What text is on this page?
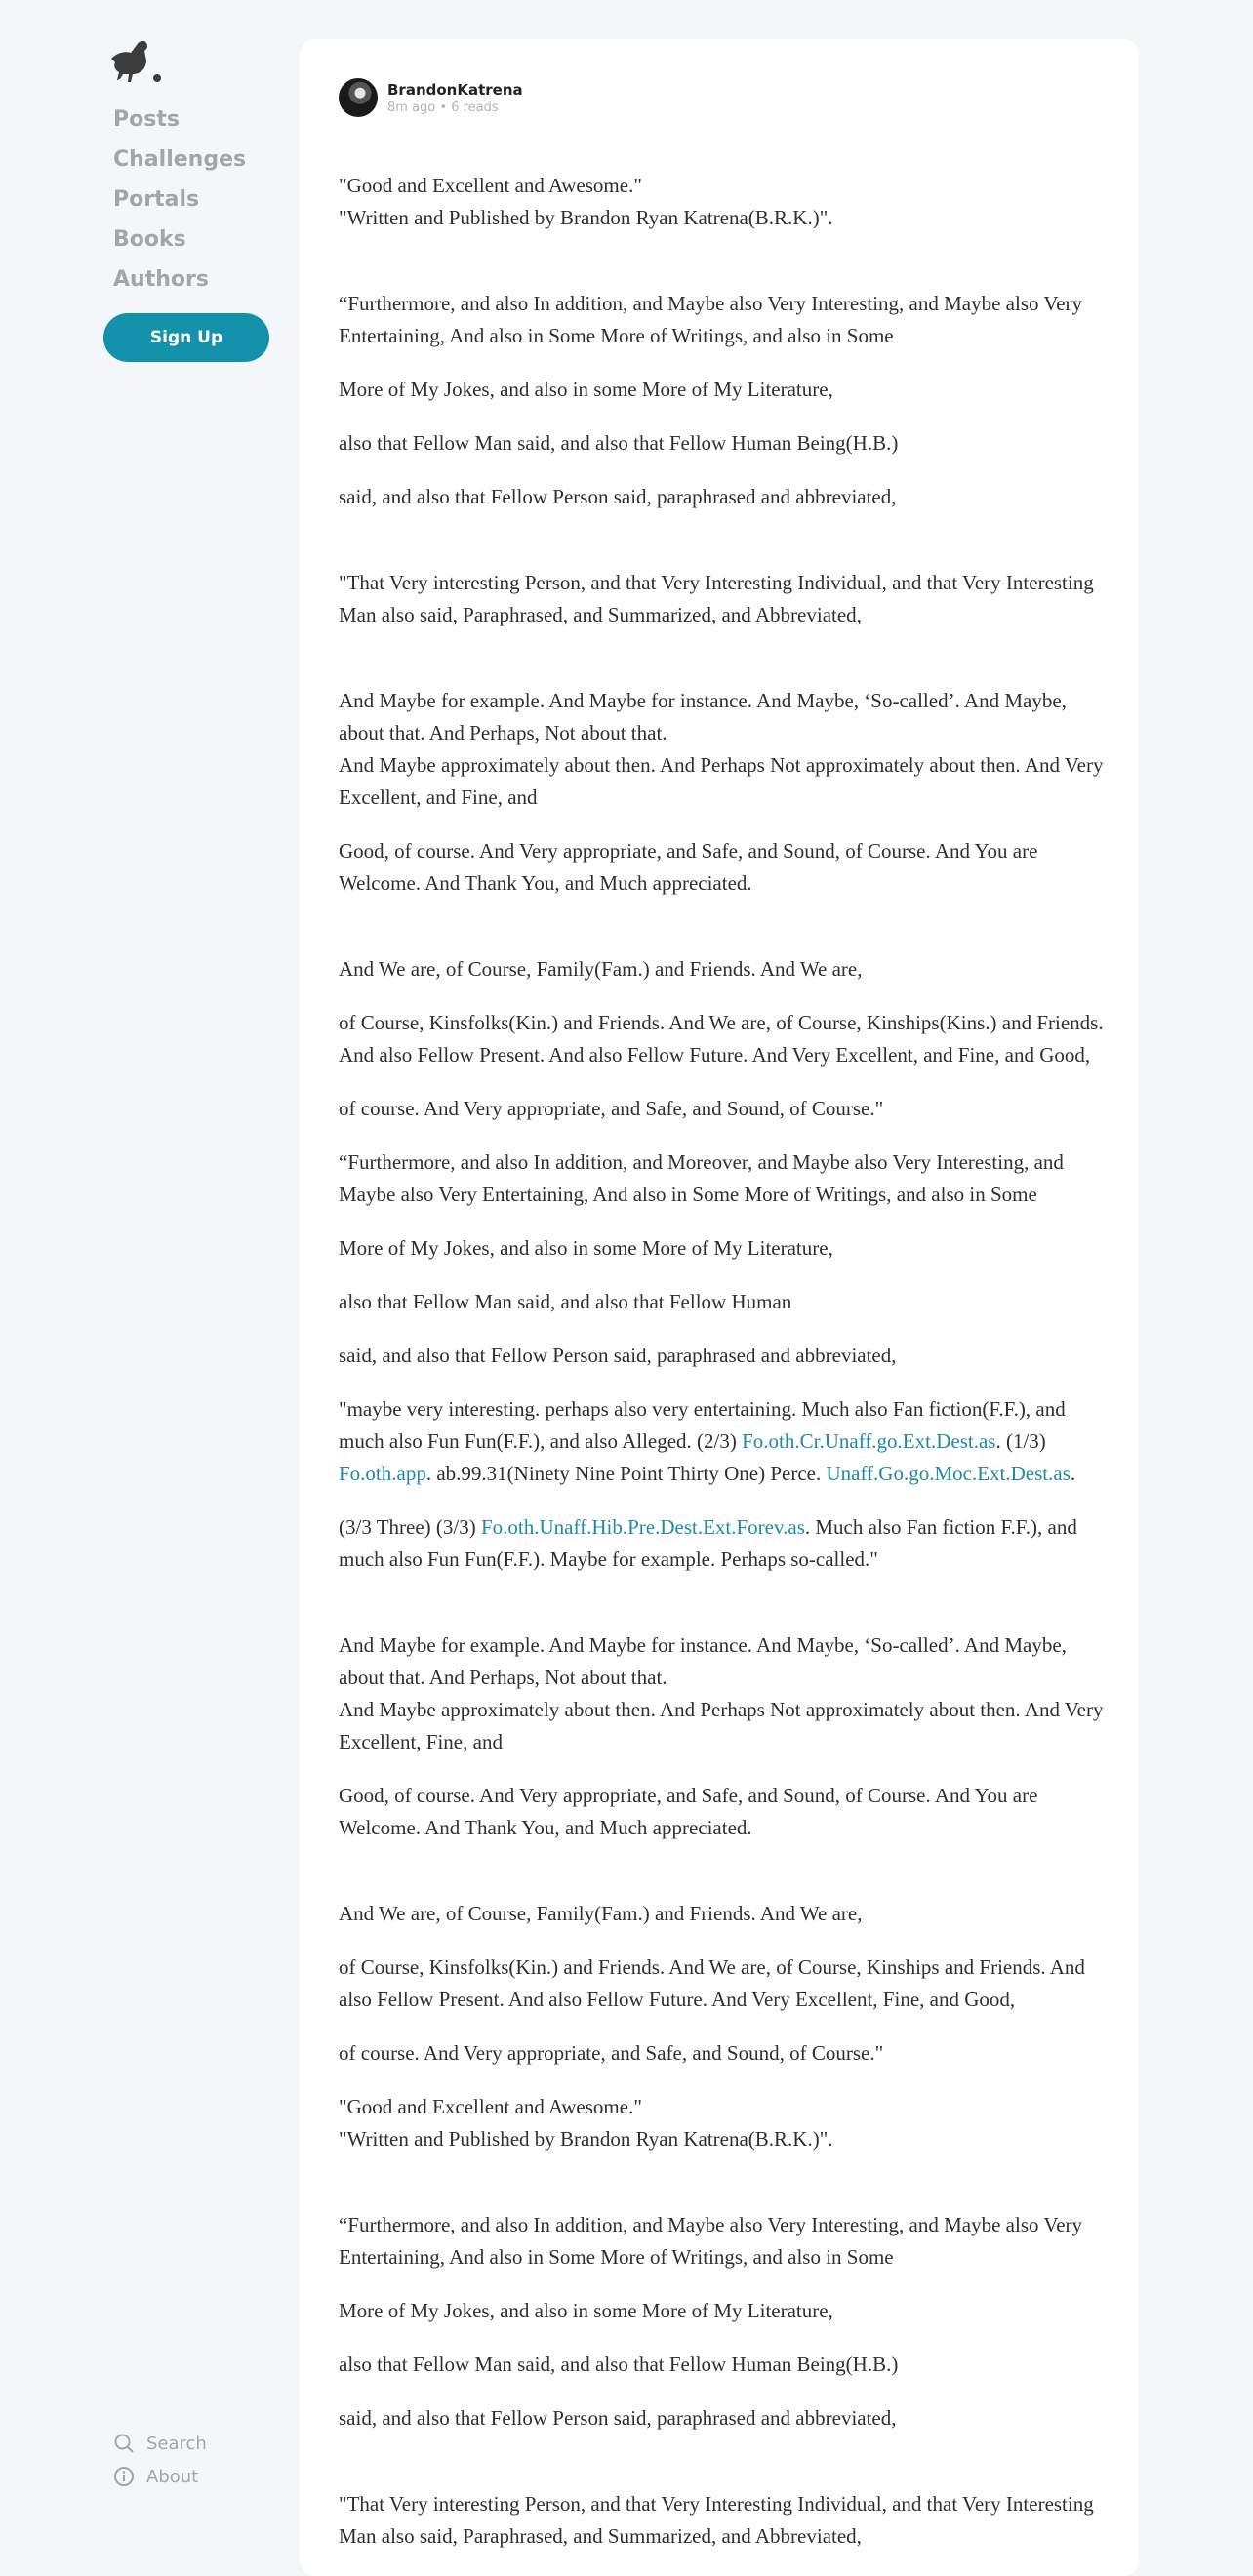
Posts
Challenges
Portals
Books
Authors
Sign Up
Search
About
BrandonKatrena
8m ago • 6 reads

"Good and Excellent and Awesome."
"Written and Published by Brandon Ryan Katrena(B.R.K.)".

“Furthermore, and also In addition, and Maybe also Very Interesting, and Maybe also Very Entertaining, And also in Some More of Writings, and also in Some

More of My Jokes, and also in some More of My Literature,

also that Fellow Man said, and also that Fellow Human Being(H.B.)

said, and also that Fellow Person said, paraphrased and abbreviated,

"That Very interesting Person, and that Very Interesting Individual, and that Very Interesting Man also said, Paraphrased, and Summarized, and Abbreviated,

And Maybe for example. And Maybe for instance. And Maybe, ‘So-called’. And Maybe, about that. And Perhaps, Not about that.
And Maybe approximately about then. And Perhaps Not approximately about then. And Very Excellent, and Fine, and

Good, of course. And Very appropriate, and Safe, and Sound, of Course. And You are Welcome. And Thank You, and Much appreciated.

And We are, of Course, Family(Fam.) and Friends. And We are,

of Course, Kinsfolks(Kin.) and Friends. And We are, of Course, Kinships(Kins.) and Friends. And also Fellow Present. And also Fellow Future. And Very Excellent, and Fine, and Good,

of course. And Very appropriate, and Safe, and Sound, of Course."

“Furthermore, and also In addition, and Moreover, and Maybe also Very Interesting, and Maybe also Very Entertaining, And also in Some More of Writings, and also in Some

More of My Jokes, and also in some More of My Literature,

also that Fellow Man said, and also that Fellow Human

said, and also that Fellow Person said, paraphrased and abbreviated,

"maybe very interesting. perhaps also very entertaining. Much also Fan fiction(F.F.), and much also Fun Fun(F.F.), and also Alleged. (2/3) Fo.oth.Cr.Unaff.go.Ext.Dest.as. (1/3) Fo.oth.app. ab.99.31(Ninety Nine Point Thirty One) Perce. Unaff.Go.go.Moc.Ext.Dest.as.

(3/3 Three) (3/3) Fo.oth.Unaff.Hib.Pre.Dest.Ext.Forev.as. Much also Fan fiction F.F.), and much also Fun Fun(F.F.). Maybe for example. Perhaps so-called."

And Maybe for example. And Maybe for instance. And Maybe, ‘So-called’. And Maybe, about that. And Perhaps, Not about that.
And Maybe approximately about then. And Perhaps Not approximately about then. And Very Excellent, Fine, and

Good, of course. And Very appropriate, and Safe, and Sound, of Course. And You are Welcome. And Thank You, and Much appreciated.

And We are, of Course, Family(Fam.) and Friends. And We are,

of Course, Kinsfolks(Kin.) and Friends. And We are, of Course, Kinships and Friends. And also Fellow Present. And also Fellow Future. And Very Excellent, Fine, and Good,

of course. And Very appropriate, and Safe, and Sound, of Course."

"Good and Excellent and Awesome."
"Written and Published by Brandon Ryan Katrena(B.R.K.)".

“Furthermore, and also In addition, and Maybe also Very Interesting, and Maybe also Very Entertaining, And also in Some More of Writings, and also in Some

More of My Jokes, and also in some More of My Literature,

also that Fellow Man said, and also that Fellow Human Being(H.B.)

said, and also that Fellow Person said, paraphrased and abbreviated,

"That Very interesting Person, and that Very Interesting Individual, and that Very Interesting Man also said, Paraphrased, and Summarized, and Abbreviated,
